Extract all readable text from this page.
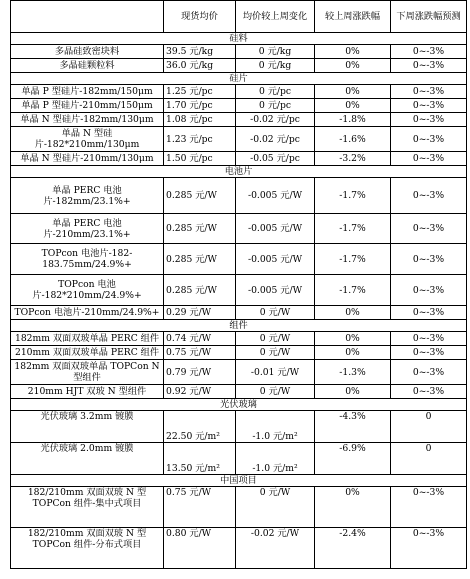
	现货均价	均价较上周变化	较上周涨跌幅	下周涨跌幅预测
硅料				
多晶硅致密块料	39.5 元/kg	0 元/kg	0%	0~-3%
多晶硅颗粒料	36.0 元/kg	0 元/kg	0%	0~-3%
硅片				
单晶 P 型硅片-182mm/150μm	1.25 元/pc	0 元/pc	0%	0~-3%
单晶 P 型硅片-210mm/150μm	1.70 元/pc	0 元/pc	0%	0~-3%
单晶 N 型硅片-182mm/130μm	1.08 元/pc	-0.02 元/pc	-1.8%	0~-3%
单晶 N 型硅片-182*210mm/130μm	1.23 元/pc	-0.02 元/pc	-1.6%	0~-3%
单晶 N 型硅片-210mm/130μm	1.50 元/pc	-0.05 元/pc	-3.2%	0~-3%
电池片				
单晶 PERC 电池片-182mm/23.1%+	0.285 元/W	-0.005 元/W	-1.7%	0~-3%
单晶 PERC 电池片-210mm/23.1%+	0.285 元/W	-0.005 元/W	-1.7%	0~-3%
TOPcon 电池片-182-183.75mm/24.9%+	0.285 元/W	-0.005 元/W	-1.7%	0~-3%
TOPcon 电池片-182*210mm/24.9%+	0.285 元/W	-0.005 元/W	-1.7%	0~-3%
TOPcon 电池片-210mm/24.9%+	0.29 元/W	0 元/W	0%	0~-3%
组件				
182mm 双面双玻单晶 PERC 组件	0.74 元/W	0 元/W	0%	0~-3%
210mm 双面双玻单晶 PERC 组件	0.75 元/W	0 元/W	0%	0~-3%
182mm 双面双玻单晶 TOPCon N 型组件	0.79 元/W	-0.01 元/W	-1.3%	0~-3%
210mm HJT 双玻 N 型组件	0.92 元/W	0 元/W	0%	0~-3%
光伏玻璃				
光伏玻璃 3.2mm 镀膜	22.50 元/m²	-1.0 元/m²	-4.3%	0
光伏玻璃 2.0mm 镀膜	13.50 元/m²	-1.0 元/m²	-6.9%	0
中国项目				
182/210mm 双面双玻 N 型 TOPCon 组件-集中式项目	0.75 元/W	0 元/W	0%	0~-3%
182/210mm 双面双玻 N 型 TOPCon 组件-分布式项目	0.80 元/W	-0.02 元/W	-2.4%	0~-3%
